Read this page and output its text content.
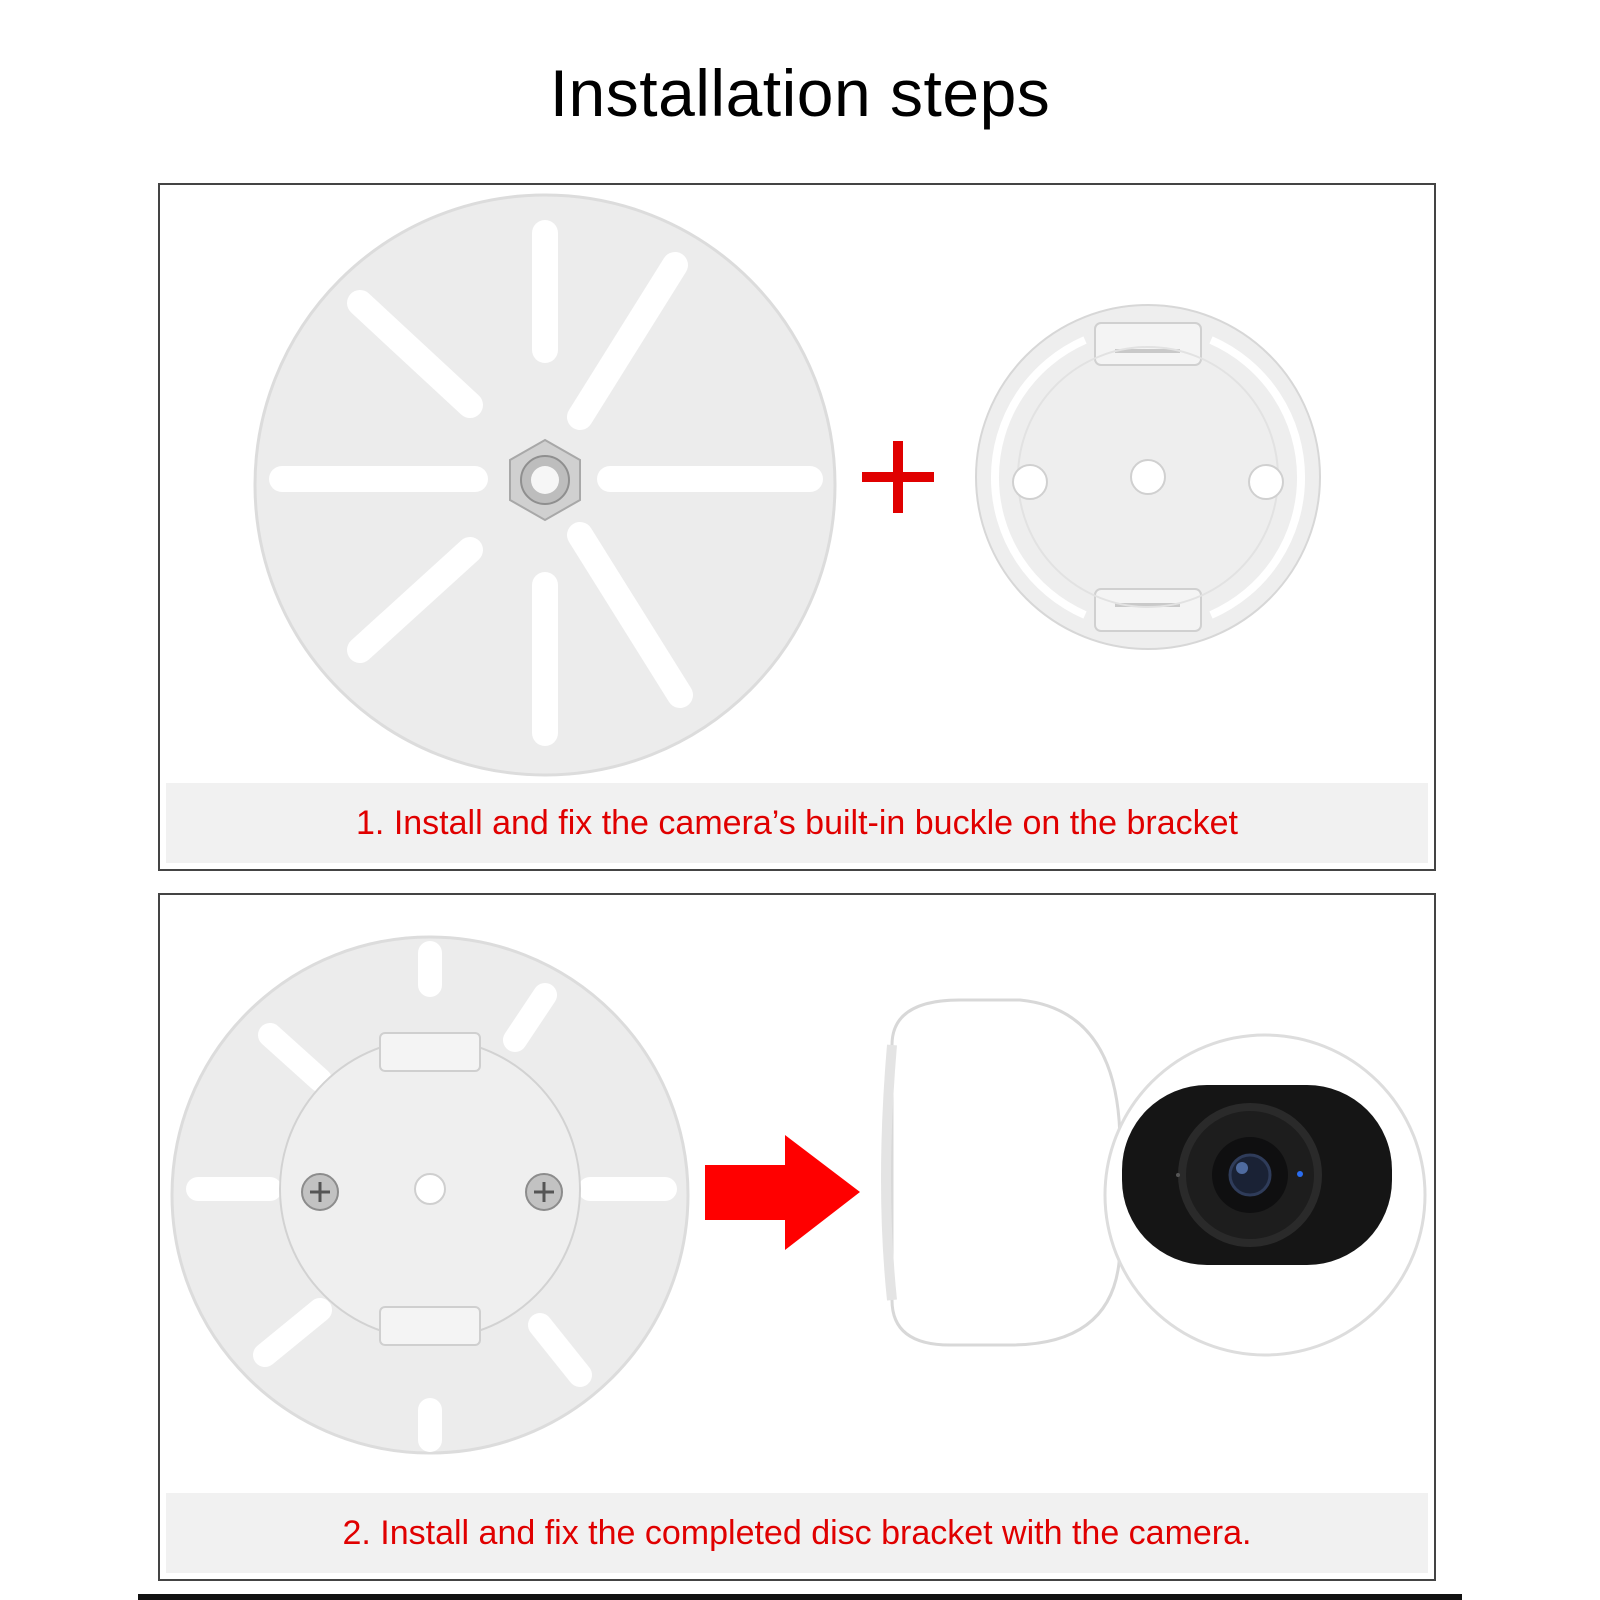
Installation steps
1. Install and fix the camera’s built-in buckle on the bracket
2. Install and fix the completed disc bracket with the camera.
